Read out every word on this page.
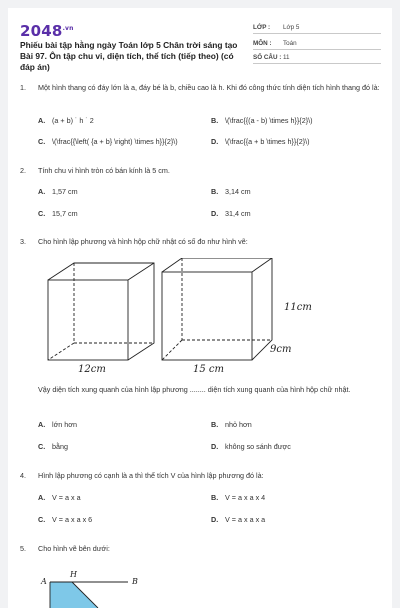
$2048^{.vn}$
Phiếu bài tập hằng ngày Toán lớp 5 Chân trời sáng tạo Bài 97. Ôn tập chu vi, diện tích, thể tích (tiếp theo) (có đáp án)
LỚP : Lớp 5
MÔN : Toán
SỐ CÂU : 11
1. Một hình thang có đáy lớn là a, đáy bé là b, chiều cao là h. Khi đó công thức tính diện tích hình thang đó là:
A. (a + b) ˙ h ˙ 2	B. \(\frac{{(a - b) \times h}}{2}\)
C. \(\frac{{\left( {a + b} \right) \times h}}{2}\)	D. \(\frac{{a + b \times h}}{2}\)
2. Tính chu vi hình tròn có bán kính là 5 cm.
A. 1,57 cm	B. 3,14 cm
C. 15,7 cm	D. 31,4 cm
3. Cho hình lập phương và hình hộp chữ nhật có số đo như hình vẽ:
12cm	15 cm
11cm
9cm
Vậy diện tích xung quanh của hình lập phương ........ diện tích xung quanh của hình hộp chữ nhật.
A. lớn hơn	B. nhỏ hơn
C. bằng	D. không so sánh được
4. Hình lập phương có cạnh là a thì thể tích V của hình lập phương đó là:
A. V = a x a	B. V = a x a x 4
C. V = a x a x 6	D. V = a x a x a
5. Cho hình vẽ bên dưới:
A
H
B
